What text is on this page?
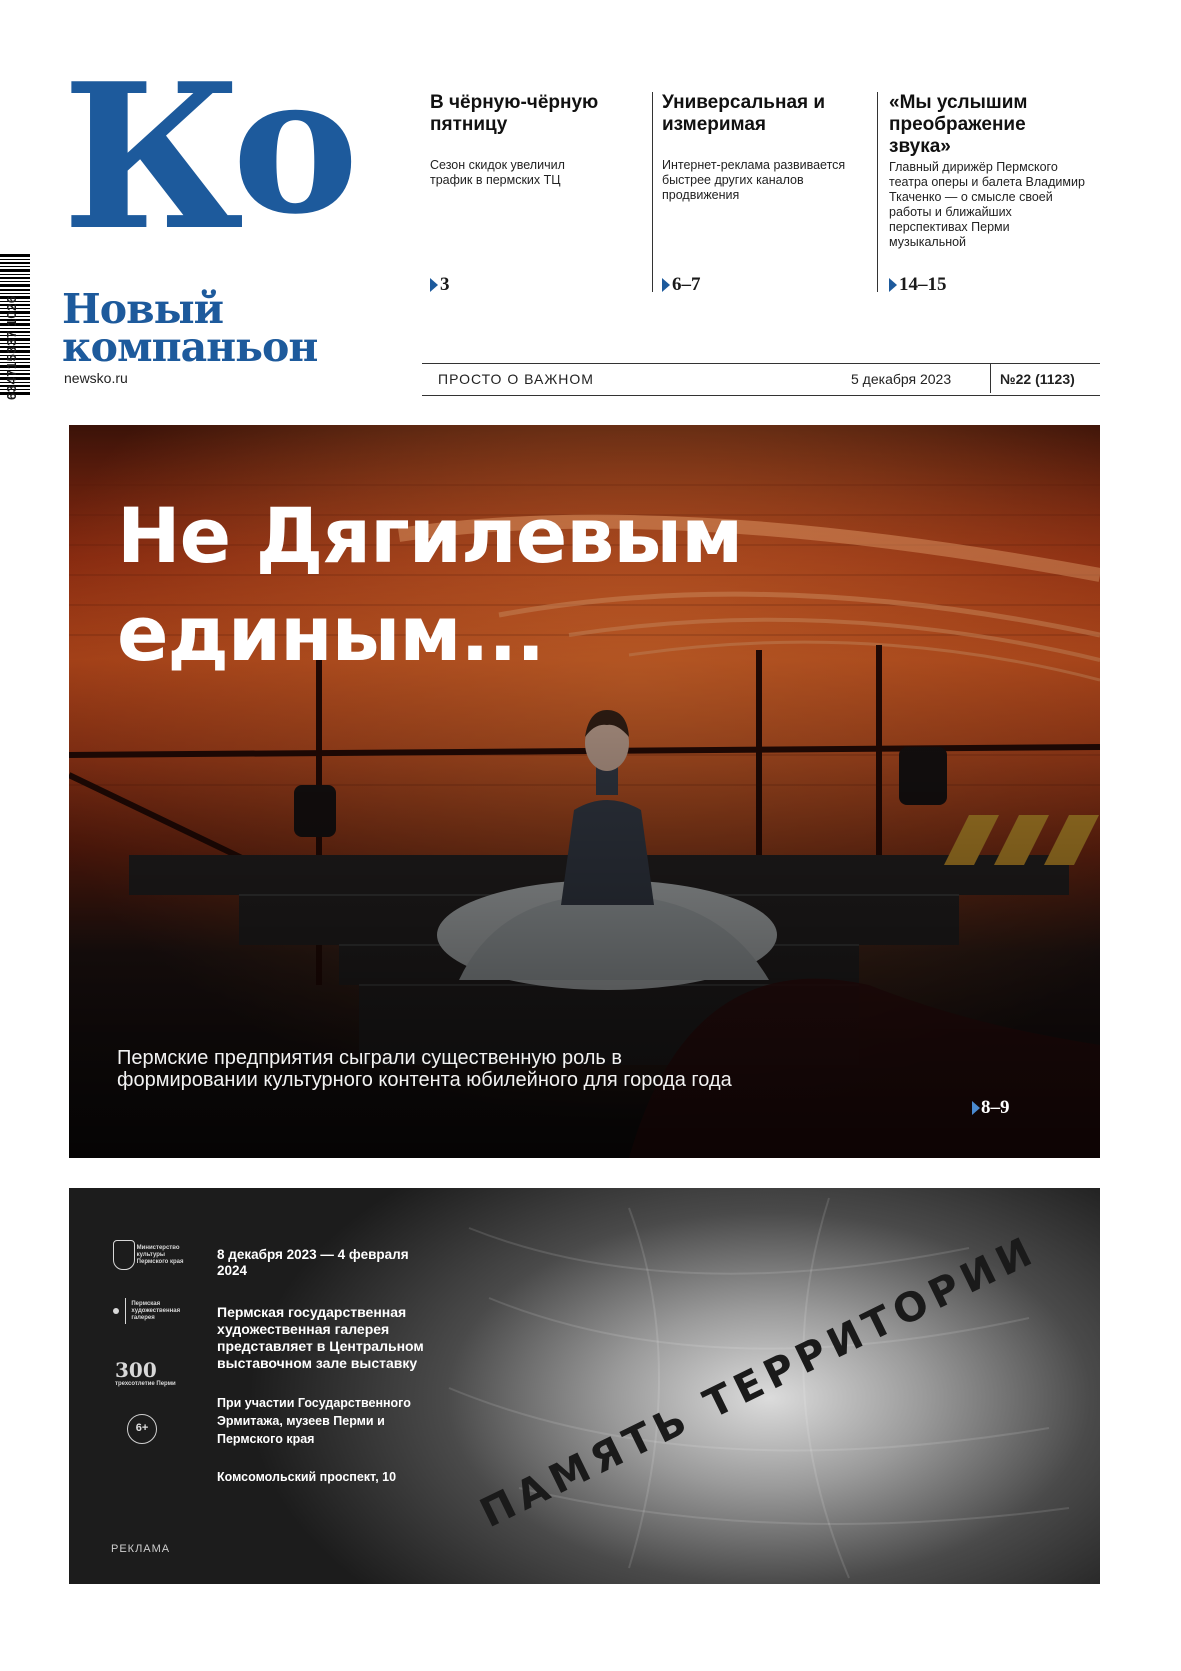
634715337 1026
К
о
Новый
компаньон
newsko.ru
В чёрную-чёрную пятницу

Сезон скидок увеличил трафик в пермских ТЦ

3
Универсальная и измеримая

Интернет-реклама развивается быстрее других каналов продвижения

6–7
«Мы услышим преображение звука»

Главный дирижёр Пермского театра оперы и балета Владимир Ткаченко — о смысле своей работы и ближайших перспективах Перми музыкальной

14–15
ПРОСТО О ВАЖНОМ	5 декабря 2023	№22 (1123)
Не Дягилевым
единым...
Пермские предприятия сыграли существенную роль в формировании культурного контента юбилейного для города года
8–9
ПАМЯТЬ ТЕРРИТОРИИ
Министерство культуры Пермского края
Пермская художественная галерея
300
трехсотлетие Перми
6+
8 декабря 2023 — 4 февраля 2024
Пермская государственная художественная галерея представляет в Центральном выставочном зале выставку
При участии Государственного Эрмитажа, музеев Перми и Пермского края
Комсомольский проспект, 10
РЕКЛАМА
